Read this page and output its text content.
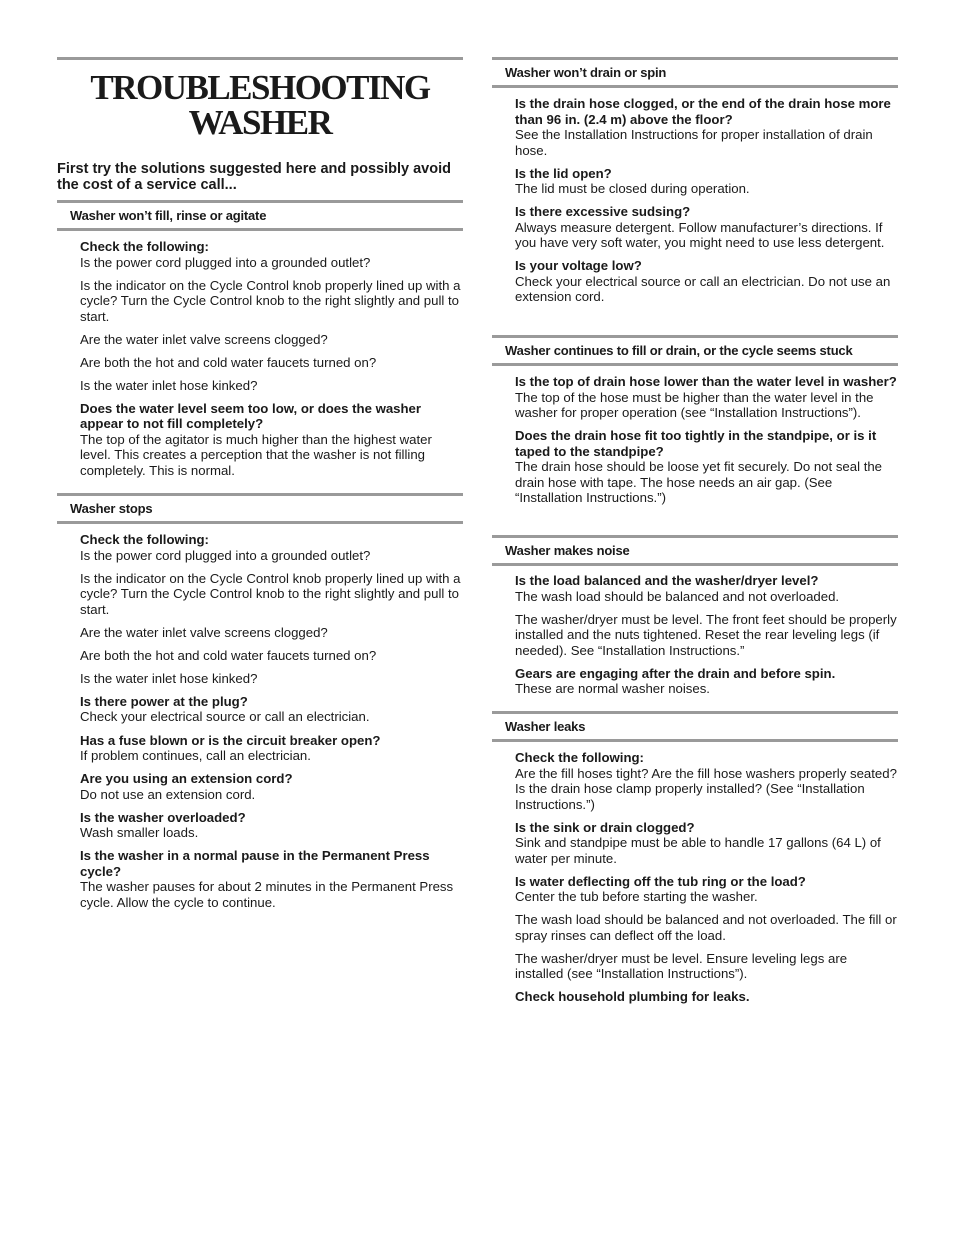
TROUBLESHOOTING
WASHER

First try the solutions suggested here and possibly avoid the cost of a service call...

Washer won’t fill, rinse or agitate

Check the following:

Is the power cord plugged into a grounded outlet?

Is the indicator on the Cycle Control knob properly lined up with a cycle? Turn the Cycle Control knob to the right slightly and pull to start.

Are the water inlet valve screens clogged?

Are both the hot and cold water faucets turned on?

Is the water inlet hose kinked?

Does the water level seem too low, or does the washer appear to not fill completely?

The top of the agitator is much higher than the highest water level. This creates a perception that the washer is not filling completely. This is normal.

Washer stops

Check the following:

Is the power cord plugged into a grounded outlet?

Is the indicator on the Cycle Control knob properly lined up with a cycle? Turn the Cycle Control knob to the right slightly and pull to start.

Are the water inlet valve screens clogged?

Are both the hot and cold water faucets turned on?

Is the water inlet hose kinked?

Is there power at the plug?

Check your electrical source or call an electrician.

Has a fuse blown or is the circuit breaker open?

If problem continues, call an electrician.

Are you using an extension cord?

Do not use an extension cord.

Is the washer overloaded?

Wash smaller loads.

Is the washer in a normal pause in the Permanent Press cycle?

The washer pauses for about 2 minutes in the Permanent Press cycle. Allow the cycle to continue.

Washer won’t drain or spin

Is the drain hose clogged, or the end of the drain hose more than 96 in. (2.4 m) above the floor?

See the Installation Instructions for proper installation of drain hose.

Is the lid open?

The lid must be closed during operation.

Is there excessive sudsing?

Always measure detergent. Follow manufacturer’s directions. If you have very soft water, you might need to use less detergent.

Is your voltage low?

Check your electrical source or call an electrician. Do not use an extension cord.

Washer continues to fill or drain, or the cycle seems stuck

Is the top of drain hose lower than the water level in washer?

The top of the hose must be higher than the water level in the washer for proper operation (see “Installation Instructions”).

Does the drain hose fit too tightly in the standpipe, or is it taped to the standpipe?

The drain hose should be loose yet fit securely. Do not seal the drain hose with tape. The hose needs an air gap. (See “Installation Instructions.”)

Washer makes noise

Is the load balanced and the washer/dryer level?

The wash load should be balanced and not overloaded.

The washer/dryer must be level. The front feet should be properly installed and the nuts tightened. Reset the rear leveling legs (if needed). See “Installation Instructions.”

Gears are engaging after the drain and before spin.

These are normal washer noises.

Washer leaks

Check the following:

Are the fill hoses tight? Are the fill hose washers properly seated? Is the drain hose clamp properly installed? (See “Installation Instructions.”)

Is the sink or drain clogged?

Sink and standpipe must be able to handle 17 gallons (64 L) of water per minute.

Is water deflecting off the tub ring or the load?

Center the tub before starting the washer.

The wash load should be balanced and not overloaded. The fill or spray rinses can deflect off the load.

The washer/dryer must be level. Ensure leveling legs are installed (see “Installation Instructions”).

Check household plumbing for leaks.
